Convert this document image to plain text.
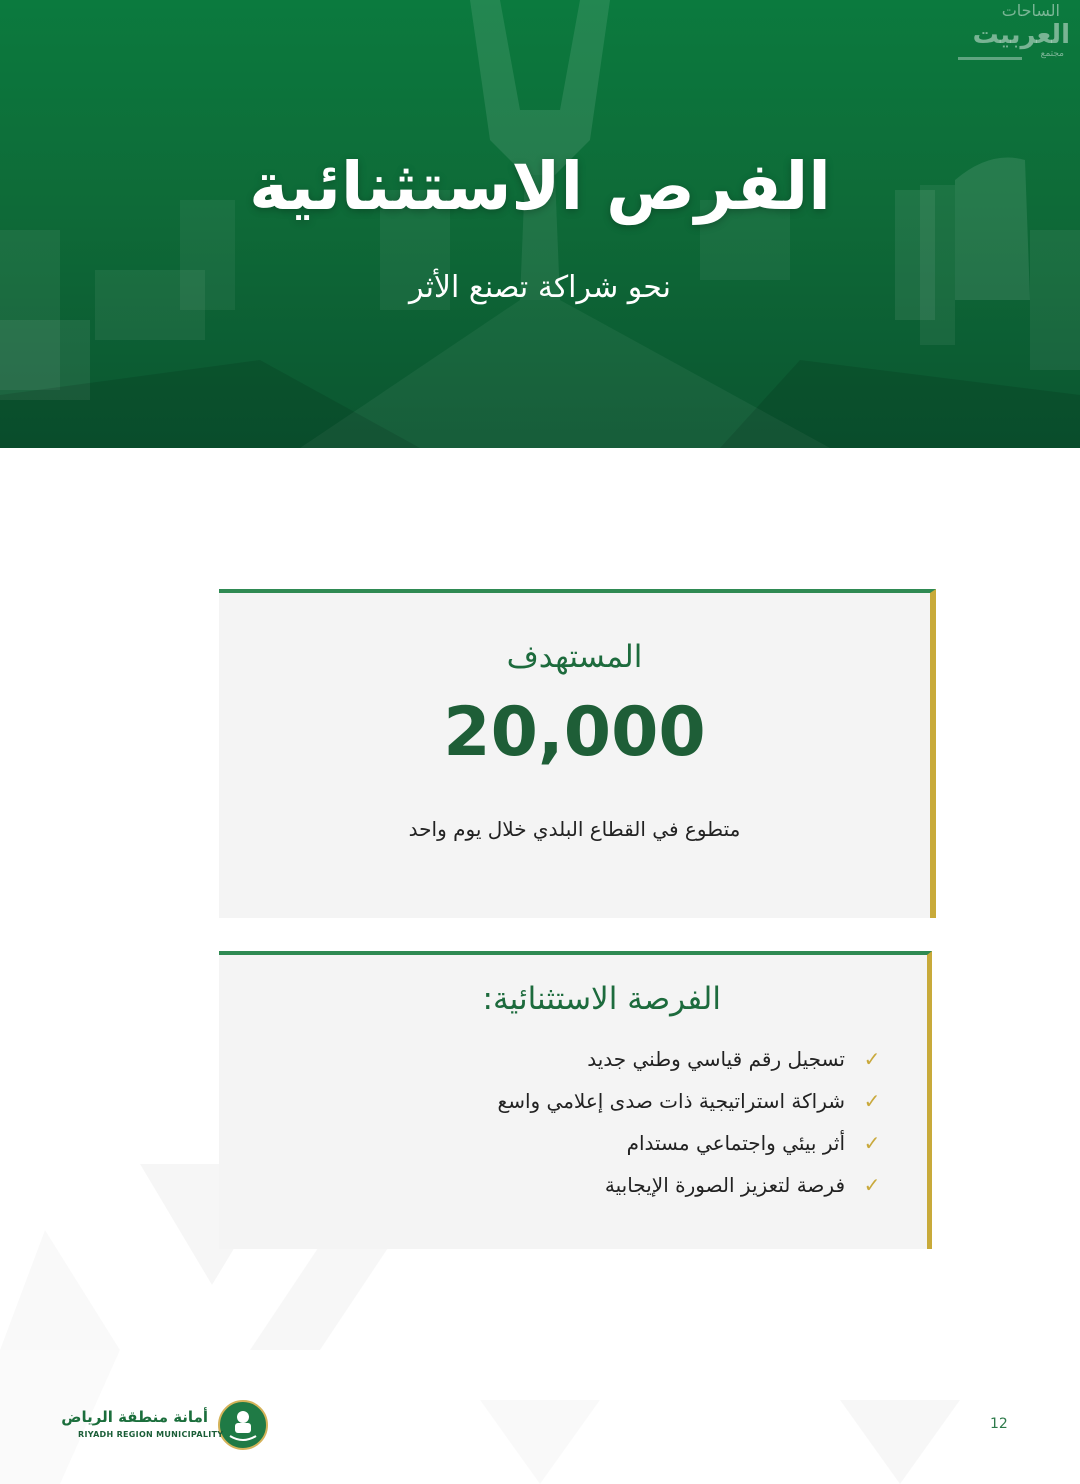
الساحات
العربيت
مجتمع
الفرص الاستثنائية
نحو شراكة تصنع الأثر
المستهدف
20,000
متطوع في القطاع البلدي خلال يوم واحد
الفرصة الاستثنائية:
✓
تسجيل رقم قياسي وطني جديد
✓
شراكة استراتيجية ذات صدى إعلامي واسع
✓
أثر بيئي واجتماعي مستدام
✓
فرصة لتعزيز الصورة الإيجابية
أمانة منطقة الرياض
RIYADH REGION MUNICIPALITY
12
